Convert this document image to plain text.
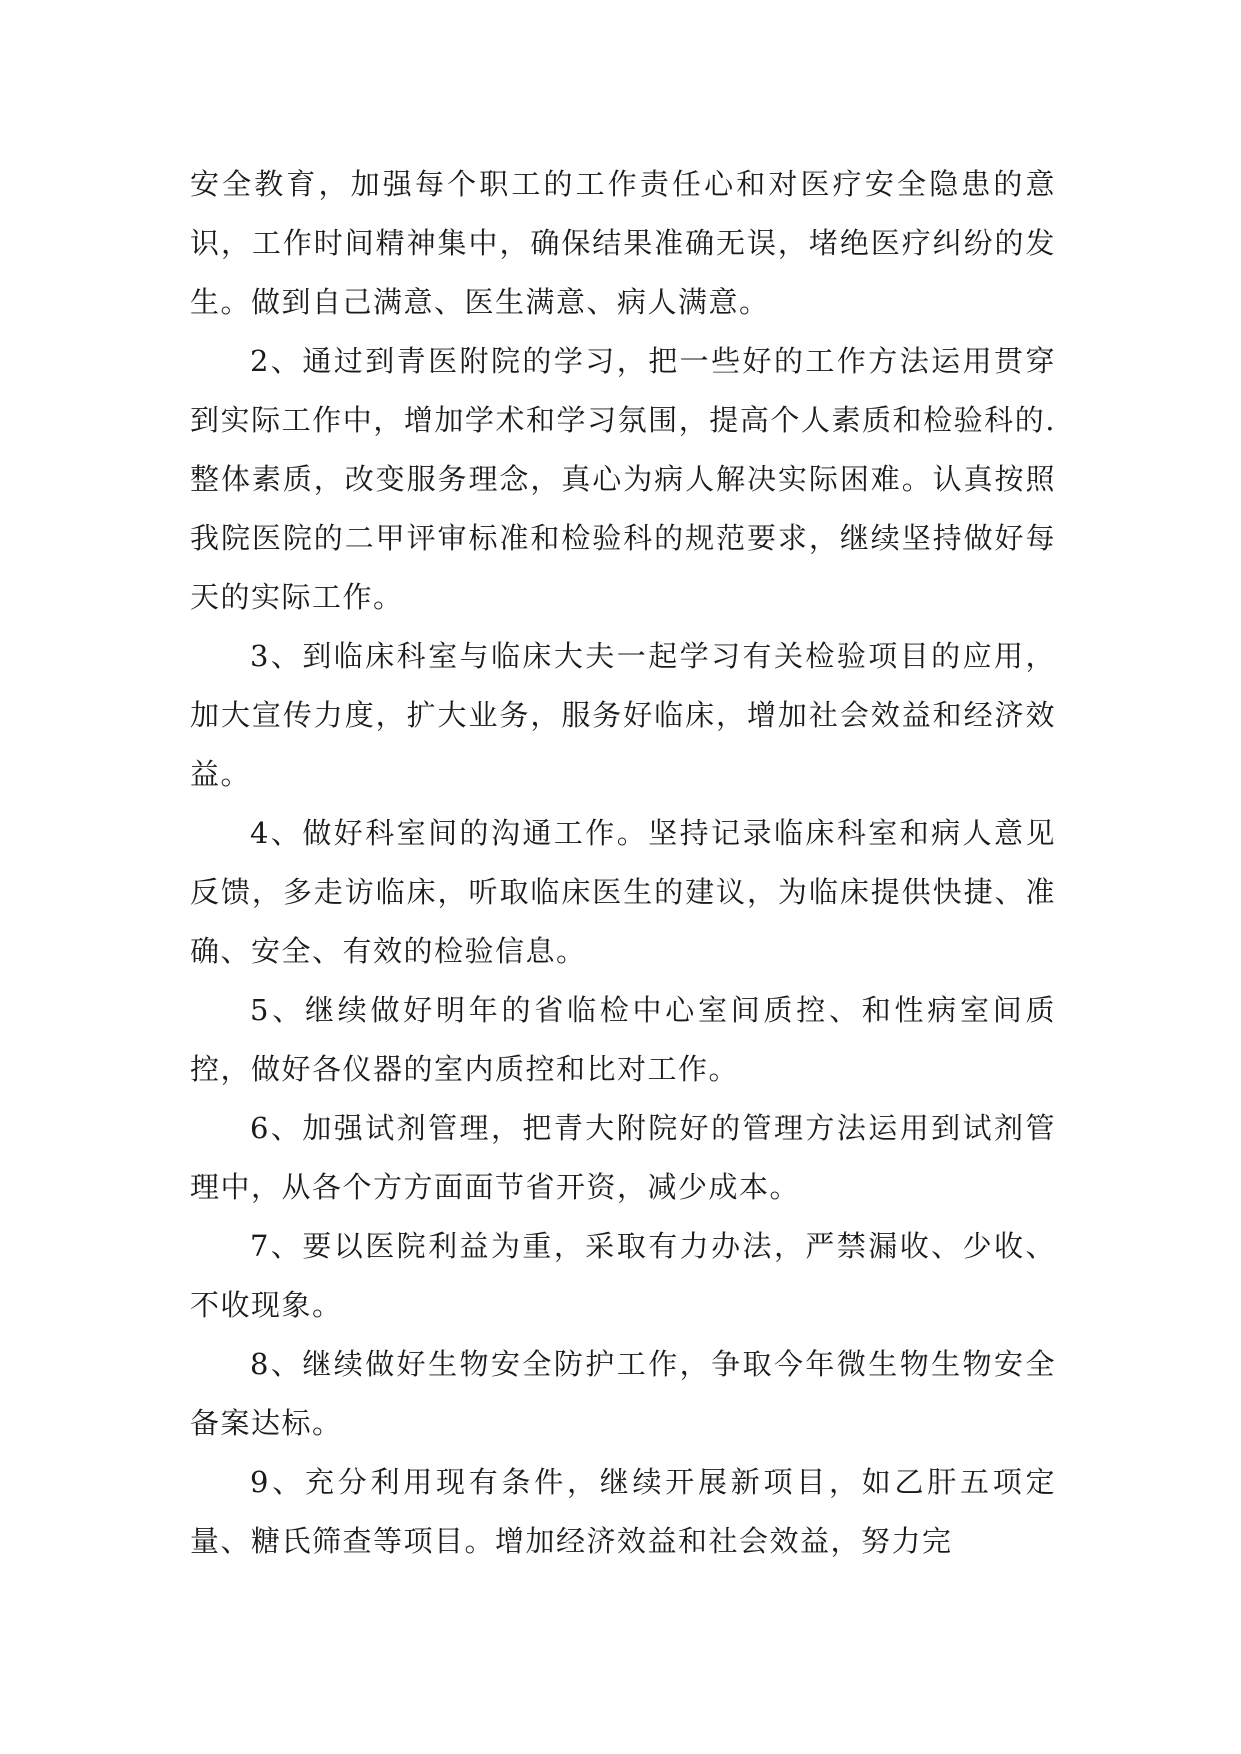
安全教育，加强每个职工的工作责任心和对医疗安全隐患的意识，工作时间精神集中，确保结果准确无误，堵绝医疗纠纷的发生。做到自己满意、医生满意、病人满意。

2、通过到青医附院的学习，把一些好的工作方法运用贯穿到实际工作中，增加学术和学习氛围，提高个人素质和检验科的.整体素质，改变服务理念，真心为病人解决实际困难。认真按照我院医院的二甲评审标准和检验科的规范要求，继续坚持做好每天的实际工作。

3、到临床科室与临床大夫一起学习有关检验项目的应用，加大宣传力度，扩大业务，服务好临床，增加社会效益和经济效益。

4、做好科室间的沟通工作。坚持记录临床科室和病人意见反馈，多走访临床，听取临床医生的建议，为临床提供快捷、准确、安全、有效的检验信息。

5、继续做好明年的省临检中心室间质控、和性病室间质控，做好各仪器的室内质控和比对工作。

6、加强试剂管理，把青大附院好的管理方法运用到试剂管理中，从各个方方面面节省开资，减少成本。

7、要以医院利益为重，采取有力办法，严禁漏收、少收、不收现象。

8、继续做好生物安全防护工作，争取今年微生物生物安全备案达标。

9、充分利用现有条件，继续开展新项目，如乙肝五项定量、糖氏筛查等项目。增加经济效益和社会效益，努力完
